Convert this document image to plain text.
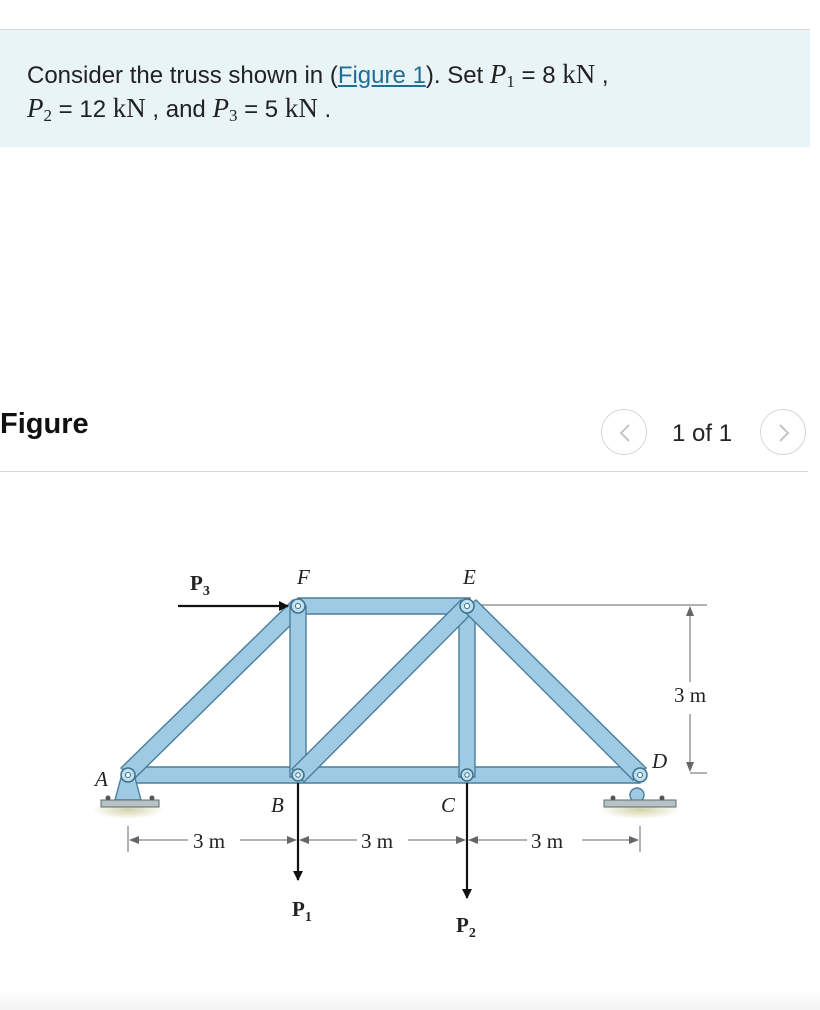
Consider the truss shown in (Figure 1). Set $P_1 = 8$ kN ,
$P_2 = 12$ kN , and $P_3 = 5$ kN .
Figure	1 of 1
A
B	C
D
E
F
$P_3$
$P_1$	$P_2$
3 m	3 m	3 m
3 m
